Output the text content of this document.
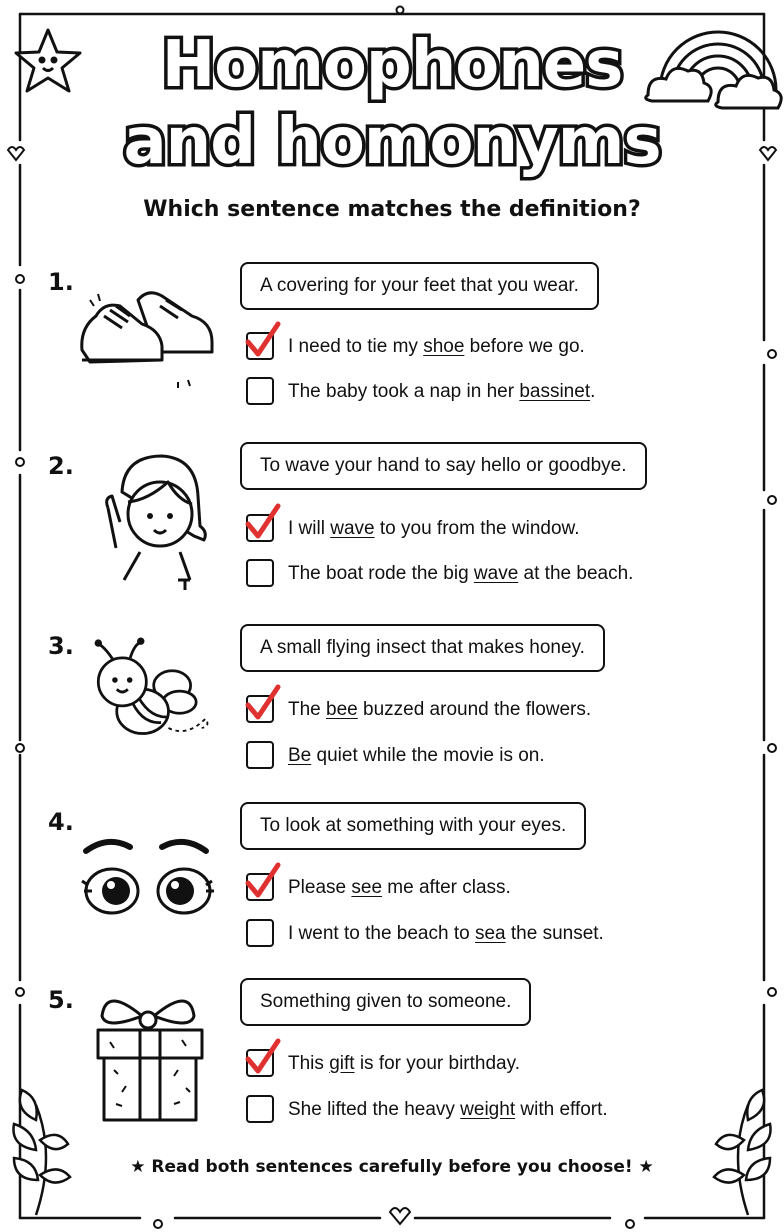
Homophones
and homonyms
Which sentence matches the definition?
1.	A covering for your feet that you wear.
I need to tie my shoe before we go.
The baby took a nap in her bassinet.
2.	To wave your hand to say hello or goodbye.
I will wave to you from the window.
The boat rode the big wave at the beach.
3.	A small flying insect that makes honey.
The bee buzzed around the flowers.
Be quiet while the movie is on.
4.	To look at something with your eyes.
Please see me after class.
I went to the beach to sea the sunset.
5.	Something given to someone.
This gift is for your birthday.
She lifted the heavy weight with effort.
★ Read both sentences carefully before you choose! ★
